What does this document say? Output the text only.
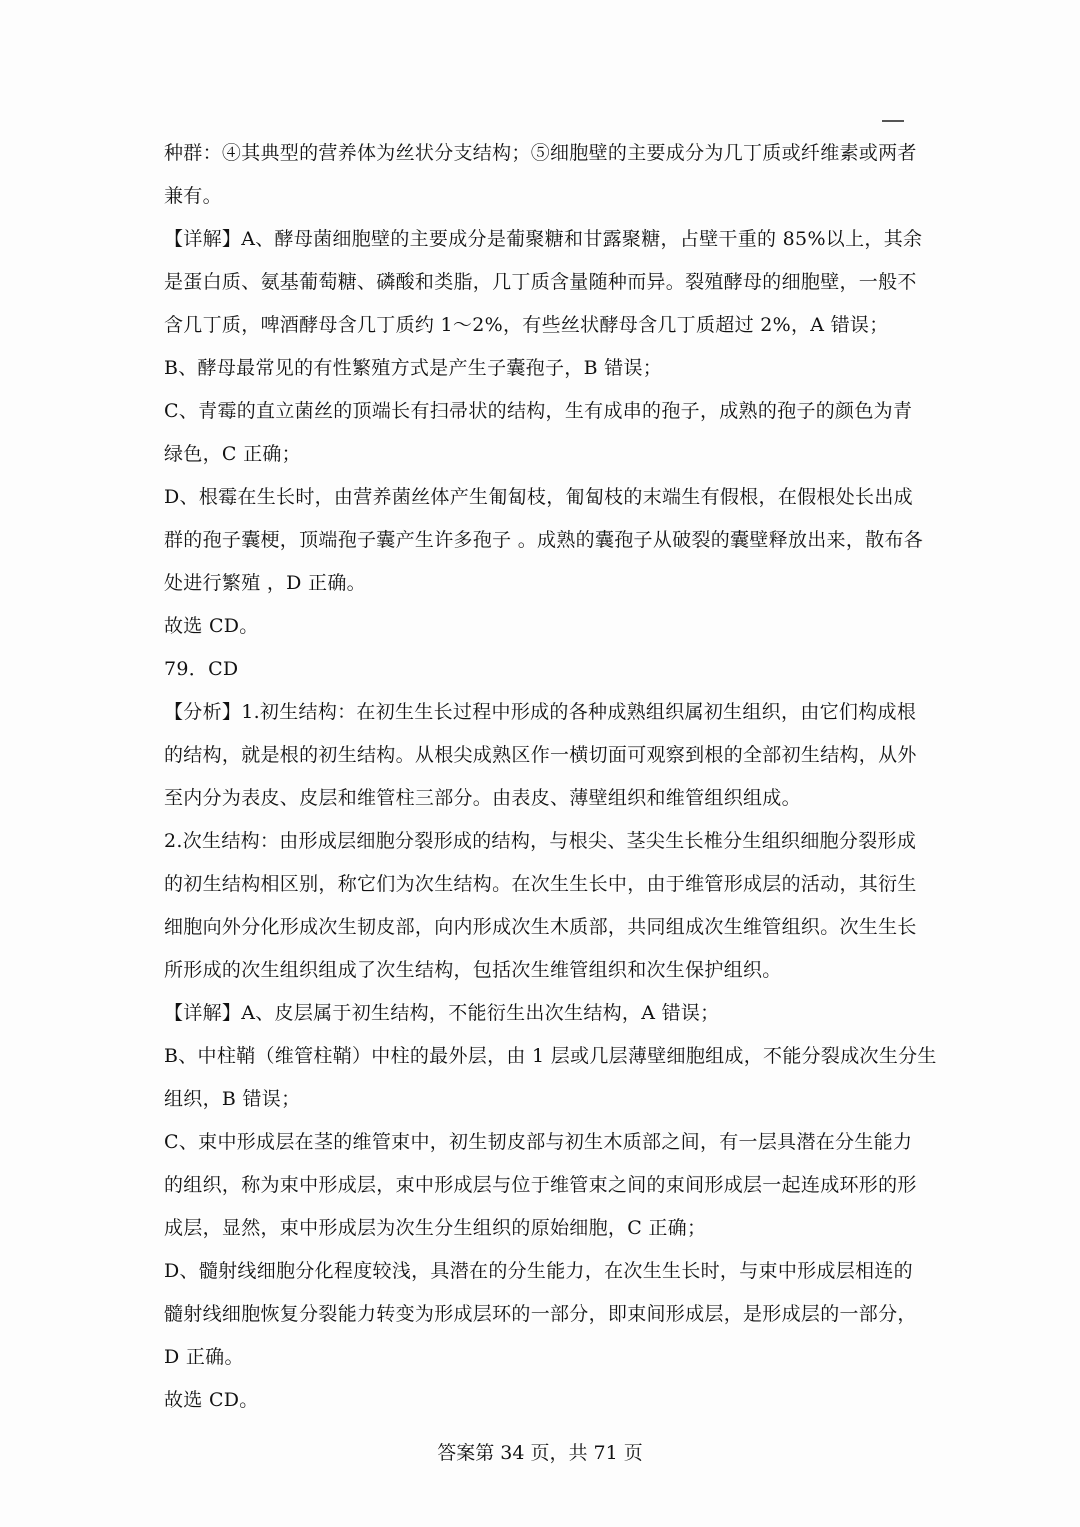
种群：④其典型的营养体为丝状分支结构；⑤细胞壁的主要成分为几丁质或纤维素或两者
兼有。
【详解】A、酵母菌细胞壁的主要成分是葡聚糖和甘露聚糖，占壁干重的 85%以上，其余
是蛋白质、氨基葡萄糖、磷酸和类脂，几丁质含量随种而异。裂殖酵母的细胞壁，一般不
含几丁质，啤酒酵母含几丁质约 1～2%，有些丝状酵母含几丁质超过 2%，A 错误；
B、酵母最常见的有性繁殖方式是产生子囊孢子，B 错误；
C、青霉的直立菌丝的顶端长有扫帚状的结构，生有成串的孢子，成熟的孢子的颜色为青
绿色，C 正确；
D、根霉在生长时，由营养菌丝体产生匍匐枝，匍匐枝的末端生有假根，在假根处长出成
群的孢子囊梗，顶端孢子囊产生许多孢子 。成熟的囊孢子从破裂的囊壁释放出来，散布各
处进行繁殖 ，D 正确。
故选 CD。
79．CD
【分析】1.初生结构：在初生生长过程中形成的各种成熟组织属初生组织，由它们构成根
的结构，就是根的初生结构。从根尖成熟区作一横切面可观察到根的全部初生结构，从外
至内分为表皮、皮层和维管柱三部分。由表皮、薄壁组织和维管组织组成。
2.次生结构：由形成层细胞分裂形成的结构，与根尖、茎尖生长椎分生组织细胞分裂形成
的初生结构相区别，称它们为次生结构。在次生生长中，由于维管形成层的活动，其衍生
细胞向外分化形成次生韧皮部，向内形成次生木质部，共同组成次生维管组织。次生生长
所形成的次生组织组成了次生结构，包括次生维管组织和次生保护组织。
【详解】A、皮层属于初生结构，不能衍生出次生结构，A 错误；
B、中柱鞘（维管柱鞘）中柱的最外层，由 1 层或几层薄壁细胞组成，不能分裂成次生分生
组织，B 错误；
C、束中形成层在茎的维管束中，初生韧皮部与初生木质部之间，有一层具潜在分生能力
的组织，称为束中形成层，束中形成层与位于维管束之间的束间形成层一起连成环形的形
成层，显然，束中形成层为次生分生组织的原始细胞，C 正确；
D、髓射线细胞分化程度较浅，具潜在的分生能力，在次生生长时，与束中形成层相连的
髓射线细胞恢复分裂能力转变为形成层环的一部分，即束间形成层，是形成层的一部分，
D 正确。
故选 CD。
答案第 34 页，共 71 页
